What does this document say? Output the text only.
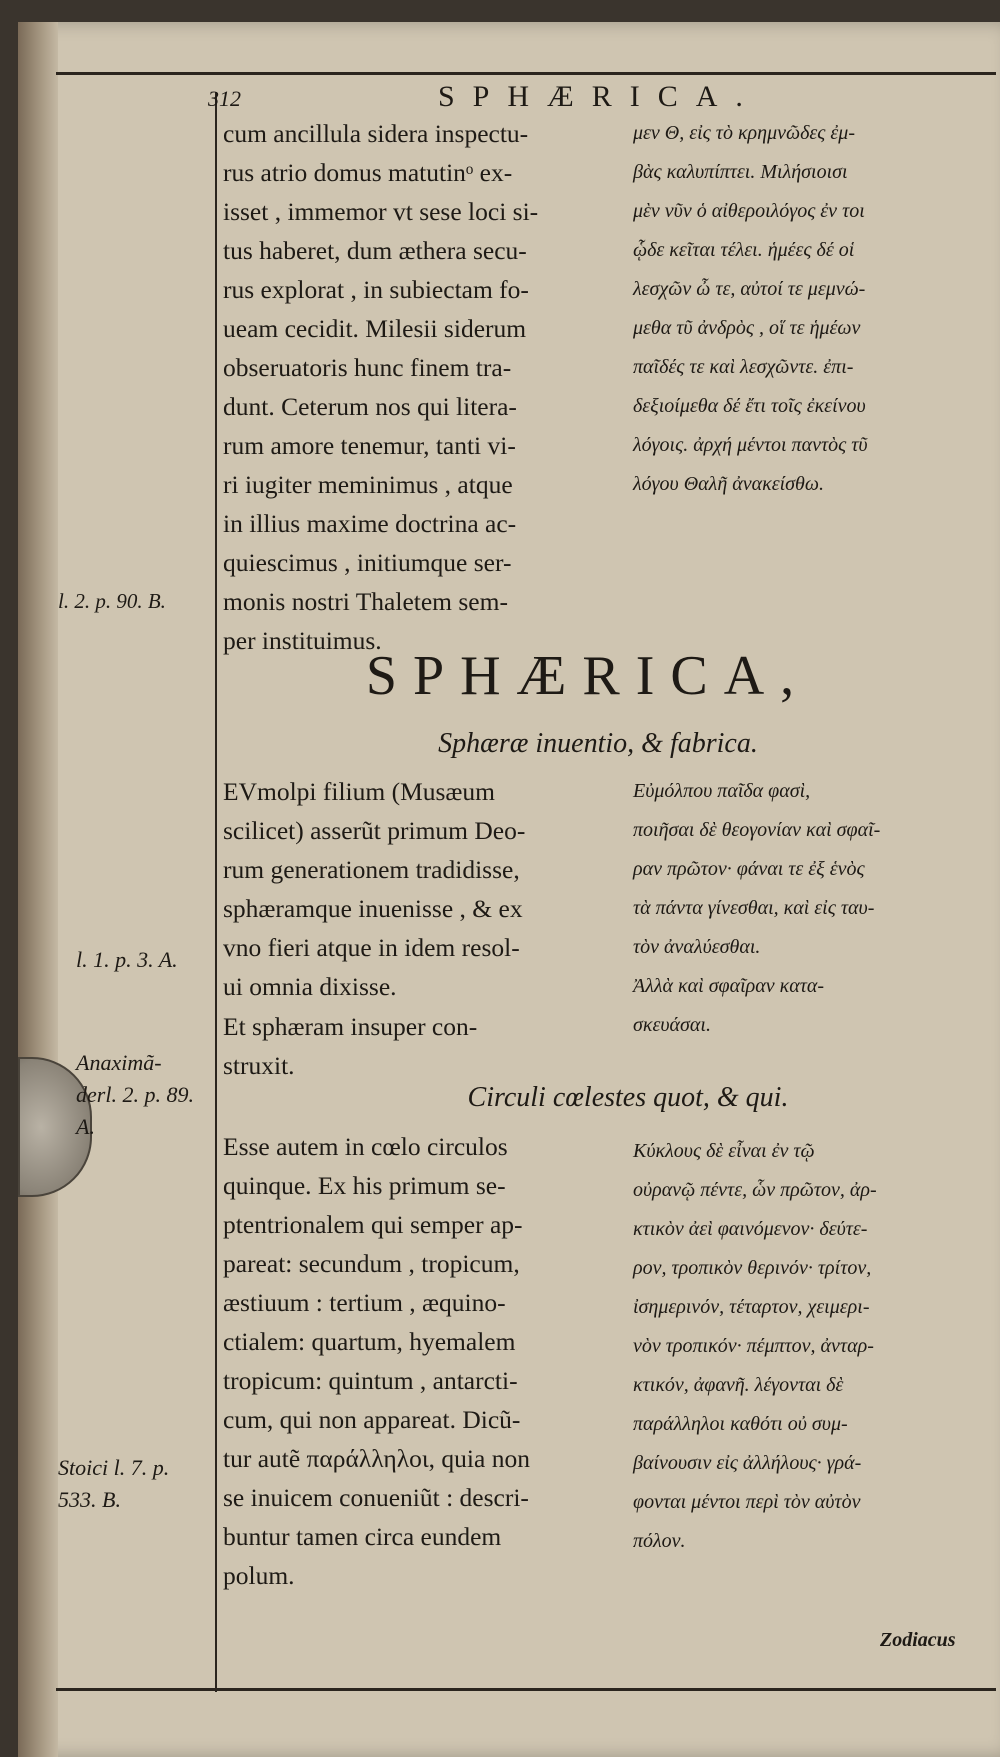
312	SPHÆRICA.
cum ancillula sidera inspectu-
rus atrio domus matutinᵒ ex-
isset , immemor vt sese loci si-
tus haberet, dum æthera secu-
rus explorat , in subiectam fo-
ueam cecidit. Milesii siderum
obseruatoris hunc finem tra-
dunt. Ceterum nos qui litera-
rum amore tenemur, tanti vi-
ri iugiter meminimus , atque
in illius maxime doctrina ac-
quiescimus , initiumque ser-
monis nostri Thaletem sem-
per instituimus.
μεν Θ, εἰς τὸ κρημνῶδες ἐμ-
βὰς καλυπίπτει. Μιλήσιοισι
μὲν νῦν ὁ αἰθεροιλόγος ἐν τοι
ᾧδε κεῖται τέλει. ἡμέες δέ οἱ
λεσχῶν ὦ τε, αὐτοί τε μεμνώ-
μεθα τῦ ἀνδρὸς , οἵ τε ἡμέων
παῖδές τε καὶ λεσχῶντε. ἐπι-
δεξιοίμεθα δέ ἔτι τοῖς ἐκείνου
λόγοις. ἀρχή μέντοι παντὸς τῦ
λόγου Θαλῆ ἀνακείσθω.
l. 2. p. 90. B.
SPHÆRICA,
Sphæræ inuentio, & fabrica.
EVmolpi filium (Musæum
scilicet) asserũt primum Deo-
rum generationem tradidisse,
sphæramque inuenisse , & ex
vno fieri atque in idem resol-
ui omnia dixisse.
Et sphæram insuper con-
struxit.
Εὐμόλπου παῖδα φασὶ,
ποιῆσαι δὲ θεογονίαν καὶ σφαῖ-
ραν πρῶτον· φάναι τε ἐξ ἑνὸς
τὰ πάντα γίνεσθαι, καὶ εἰς ταυ-
τὸν ἀναλύεσθαι.
Ἀλλὰ καὶ σφαῖραν κατα-
σκευάσαι.
l. 1. p. 3. A.
Anaximã-
derl. 2. p. 89.
A.
Circuli cœlestes quot, & qui.
Esse autem in cœlo circulos
quinque. Ex his primum se-
ptentrionalem qui semper ap-
pareat: secundum , tropicum,
æstiuum : tertium , æquino-
ctialem: quartum, hyemalem
tropicum: quintum , antarcti-
cum, qui non appareat. Dicũ-
tur autẽ παράλληλοι, quia non
se inuicem conueniũt : descri-
buntur tamen circa eundem
polum.
Κύκλους δὲ εἶναι ἐν τῷ
οὐρανῷ πέντε, ὧν πρῶτον, ἀρ-
κτικὸν ἀεὶ φαινόμενον· δεύτε-
ρον, τροπικὸν θερινόν· τρίτον,
ἰσημερινόν, τέταρτον, χειμερι-
νὸν τροπικόν· πέμπτον, ἀνταρ-
κτικόν, ἀφανῆ. λέγονται δὲ
παράλληλοι καθότι οὐ συμ-
βαίνουσιν εἰς ἀλλήλους· γρά-
φονται μέντοι περὶ τὸν αὐτὸν
πόλον.
Stoici l. 7. p.
533. B.
Zodiacus
